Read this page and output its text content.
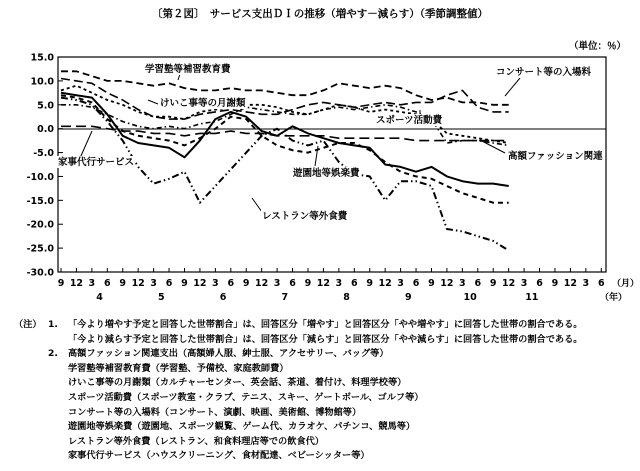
〔第２図〕　サービス支出ＤＩの推移（増やす－減らす）（季節調整値）
（単位：％）
15.0
10.0
5.0
0.0
-5.0
-10.0
-15.0
-20.0
-25.0
-30.0
9 12 3 6 9 12 3 6 9 12 3 6 9 12 3 6 9 12 3 6 9 12 3 6 9 12 3 6 9 12 3 6 9 12 3 6
4	5	6	7	8	9	10	11
（月）
（年）
学習塾等補習教育費
けいこ事等の月謝類
コンサート等の入場料
スポーツ活動費
家事代行サービス
高額ファッション関連
遊園地等娯楽費
レストラン等外食費
（注） 1.	「今より増やす予定と回答した世帯割合」は、回答区分「増やす」と回答区分「やや増やす」に回答した世帯の割合である。
「今より減らす予定と回答した世帯割合」は、回答区分「減らす」と回答区分「やや減らす」に回答した世帯の割合である。
2.	高額ファッション関連支出（高額婦人服、紳士服、アクセサリー、バッグ等）
学習塾等補習教育費（学習塾、予備校、家庭教師費）
けいこ事等の月謝類（カルチャーセンター、英会話、茶道、着付け、料理学校等）
スポーツ活動費（スポーツ教室・クラブ、テニス、スキー、ゲートボール、ゴルフ等）
コンサート等の入場料（コンサート、演劇、映画、美術館、博物館等）
遊園地等娯楽費（遊園地、スポーツ観覧、ゲーム代、カラオケ、パチンコ、競馬等）
レストラン等外食費（レストラン、和食料理店等での飲食代）
家事代行サービス（ハウスクリーニング、食材配達、ベビーシッター等）
